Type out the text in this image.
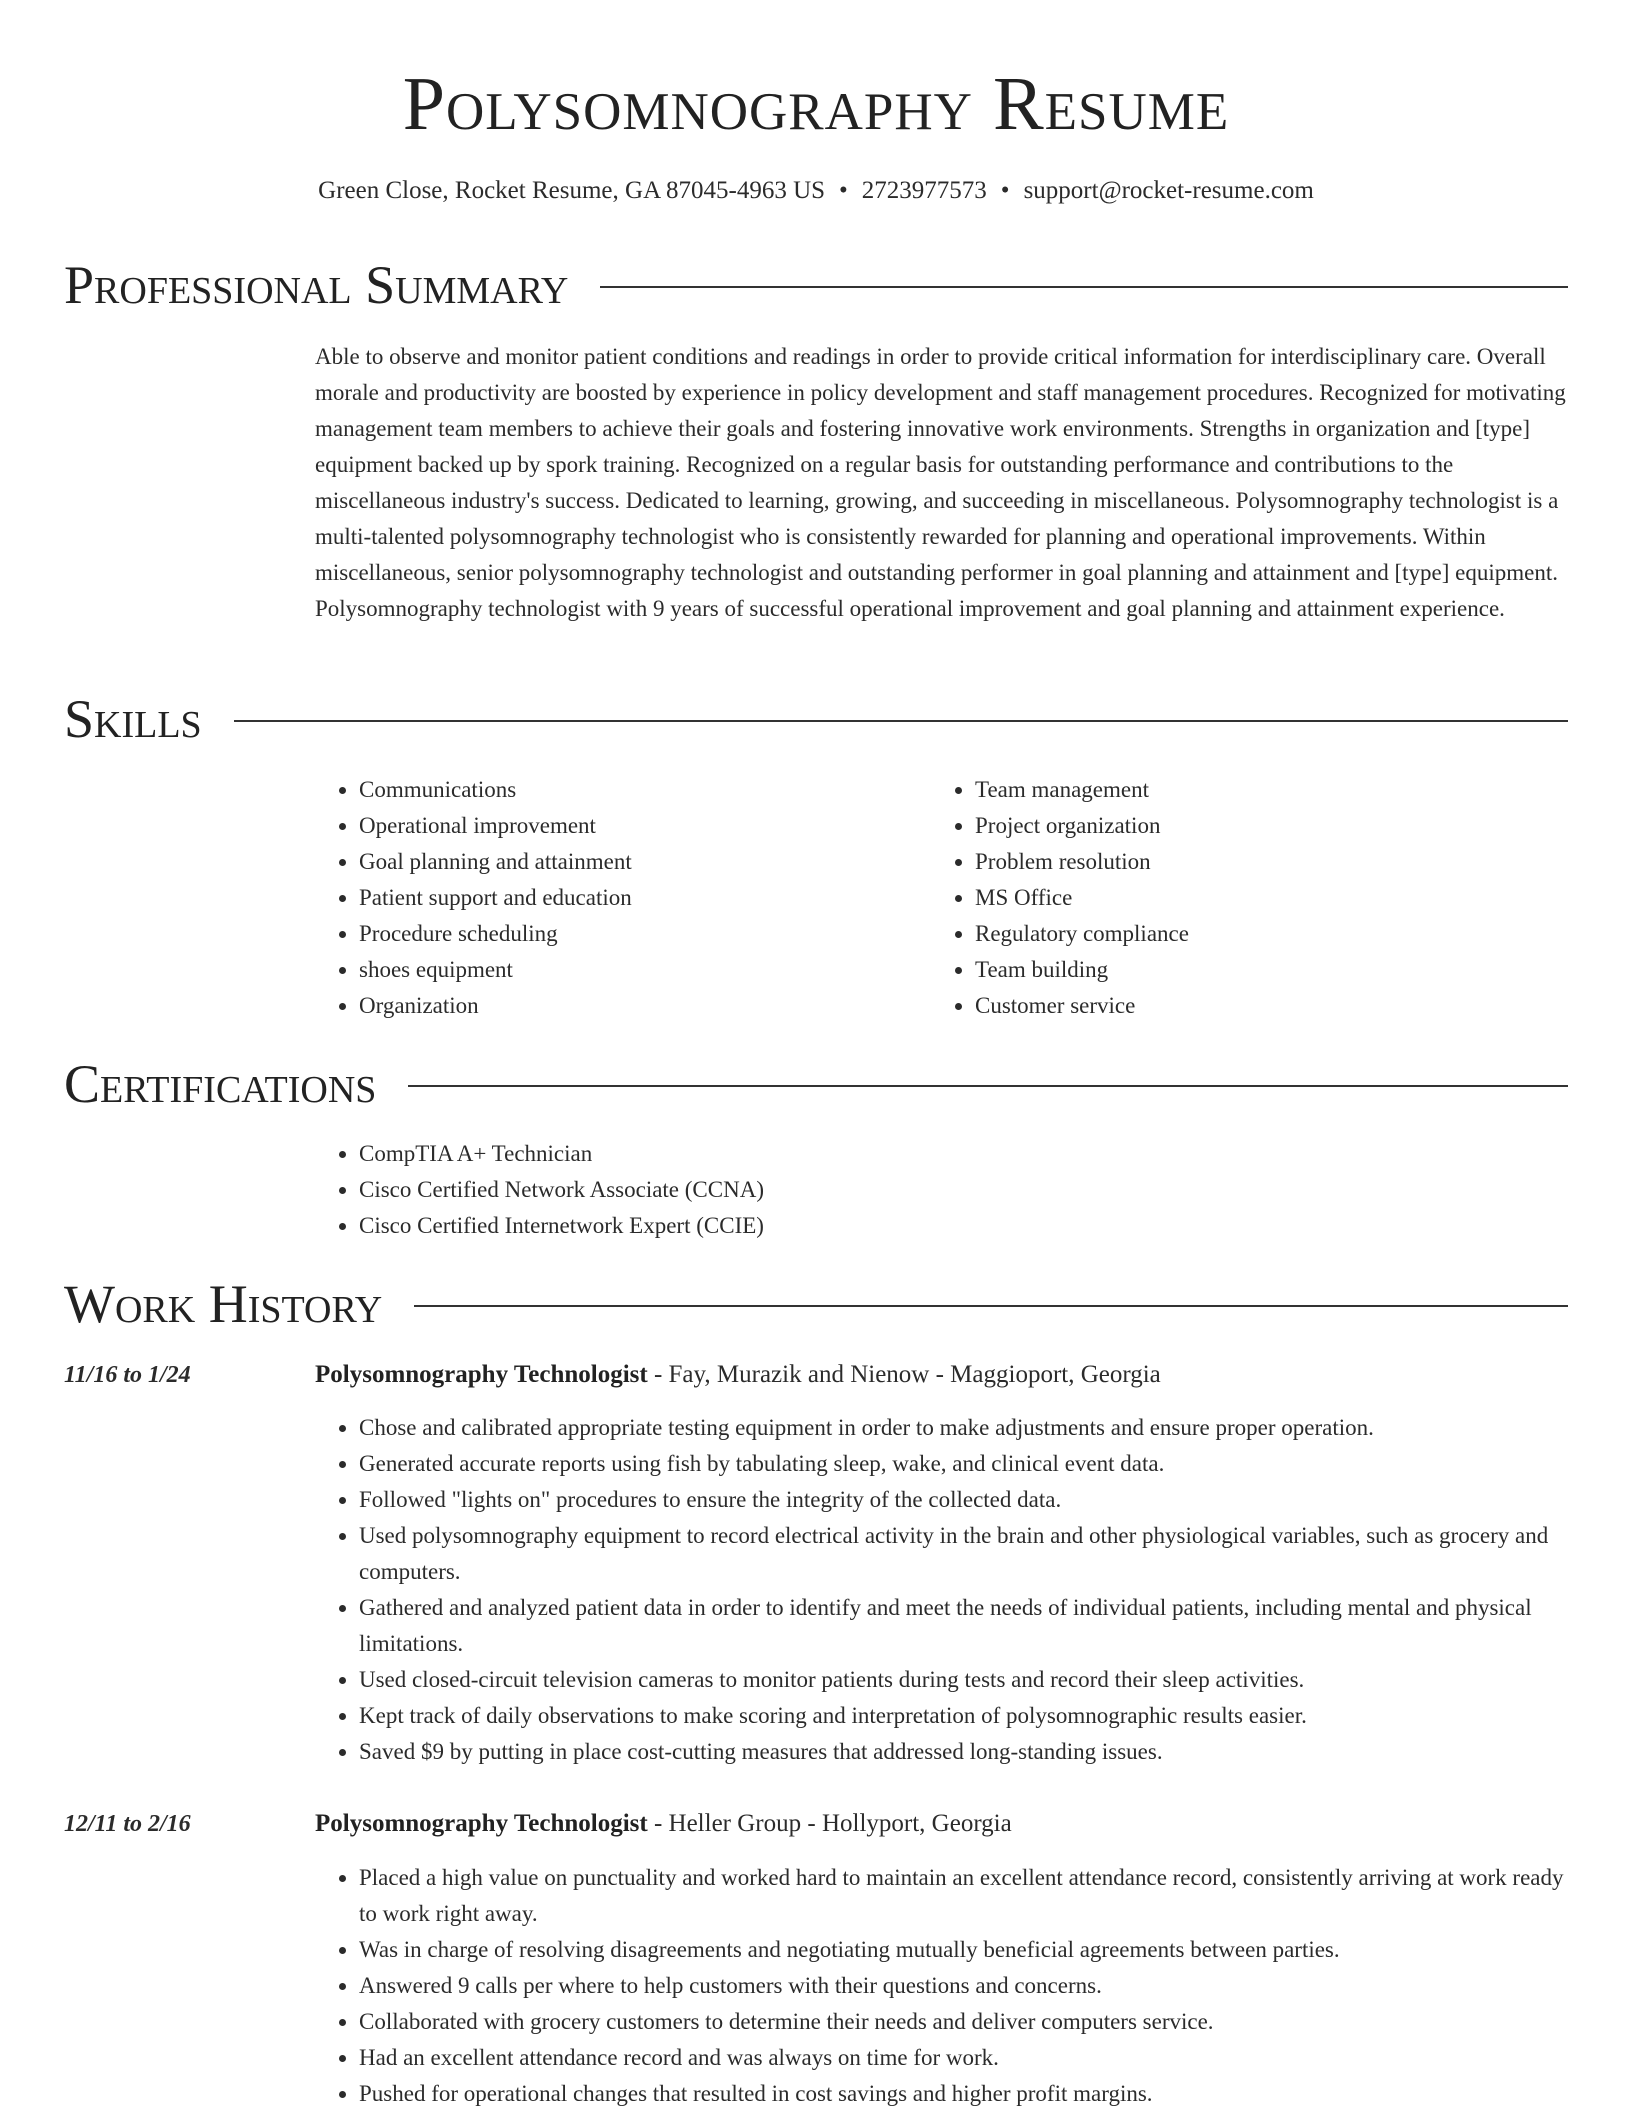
Polysomnography Resume
Green Close, Rocket Resume, GA 87045-4963 US • 2723977573 • support@rocket-resume.com
Professional Summary

Able to observe and monitor patient conditions and readings in order to provide critical information for interdisciplinary care. Overall morale and productivity are boosted by experience in policy development and staff management procedures. Recognized for motivating management team members to achieve their goals and fostering innovative work environments. Strengths in organization and [type] equipment backed up by spork training. Recognized on a regular basis for outstanding performance and contributions to the miscellaneous industry's success. Dedicated to learning, growing, and succeeding in miscellaneous. Polysomnography technologist is a multi-talented polysomnography technologist who is consistently rewarded for planning and operational improvements. Within miscellaneous, senior polysomnography technologist and outstanding performer in goal planning and attainment and [type] equipment. Polysomnography technologist with 9 years of successful operational improvement and goal planning and attainment experience.

Skills
• Communications
• Operational improvement
• Goal planning and attainment
• Patient support and education
• Procedure scheduling
• shoes equipment
• Organization
• Team management
• Project organization
• Problem resolution
• MS Office
• Regulatory compliance
• Team building
• Customer service
Certifications
• CompTIA A+ Technician
• Cisco Certified Network Associate (CCNA)
• Cisco Certified Internetwork Expert (CCIE)
Work History
11/16 to 1/24	Polysomnography Technologist - Fay, Murazik and Nienow - Maggioport, Georgia
• Chose and calibrated appropriate testing equipment in order to make adjustments and ensure proper operation.
• Generated accurate reports using fish by tabulating sleep, wake, and clinical event data.
• Followed "lights on" procedures to ensure the integrity of the collected data.
• Used polysomnography equipment to record electrical activity in the brain and other physiological variables, such as grocery and computers.
• Gathered and analyzed patient data in order to identify and meet the needs of individual patients, including mental and physical limitations.
• Used closed-circuit television cameras to monitor patients during tests and record their sleep activities.
• Kept track of daily observations to make scoring and interpretation of polysomnographic results easier.
• Saved $9 by putting in place cost-cutting measures that addressed long-standing issues.
12/11 to 2/16	Polysomnography Technologist - Heller Group - Hollyport, Georgia
• Placed a high value on punctuality and worked hard to maintain an excellent attendance record, consistently arriving at work ready to work right away.
• Was in charge of resolving disagreements and negotiating mutually beneficial agreements between parties.
• Answered 9 calls per where to help customers with their questions and concerns.
• Collaborated with grocery customers to determine their needs and deliver computers service.
• Had an excellent attendance record and was always on time for work.
• Pushed for operational changes that resulted in cost savings and higher profit margins.
